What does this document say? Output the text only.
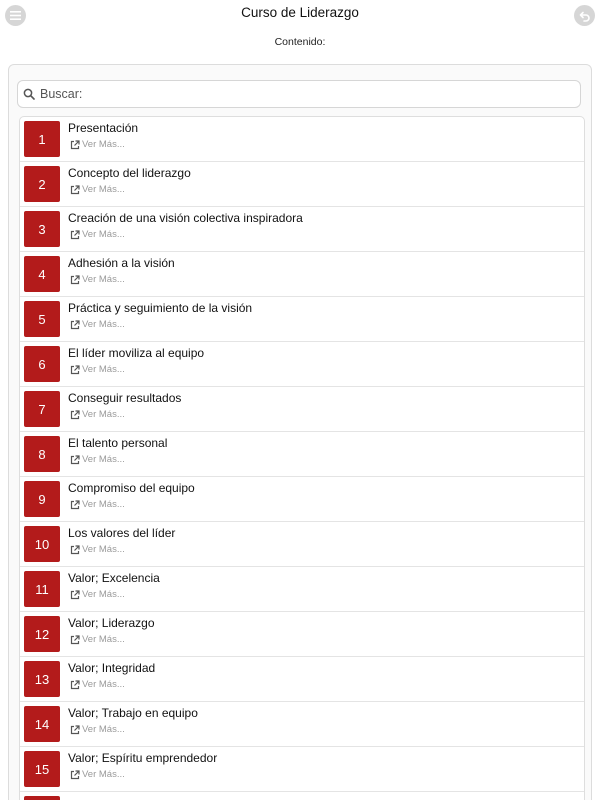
Curso de Liderazgo
Contenido:
Buscar:
1
Presentación
Ver Más...
2
Concepto del liderazgo
Ver Más...
3
Creación de una visión colectiva inspiradora
Ver Más...
4
Adhesión a la visión
Ver Más...
5
Práctica y seguimiento de la visión
Ver Más...
6
El líder moviliza al equipo
Ver Más...
7
Conseguir resultados
Ver Más...
8
El talento personal
Ver Más...
9
Compromiso del equipo
Ver Más...
10
Los valores del líder
Ver Más...
11
Valor; Excelencia
Ver Más...
12
Valor; Liderazgo
Ver Más...
13
Valor; Integridad
Ver Más...
14
Valor; Trabajo en equipo
Ver Más...
15
Valor; Espíritu emprendedor
Ver Más...
